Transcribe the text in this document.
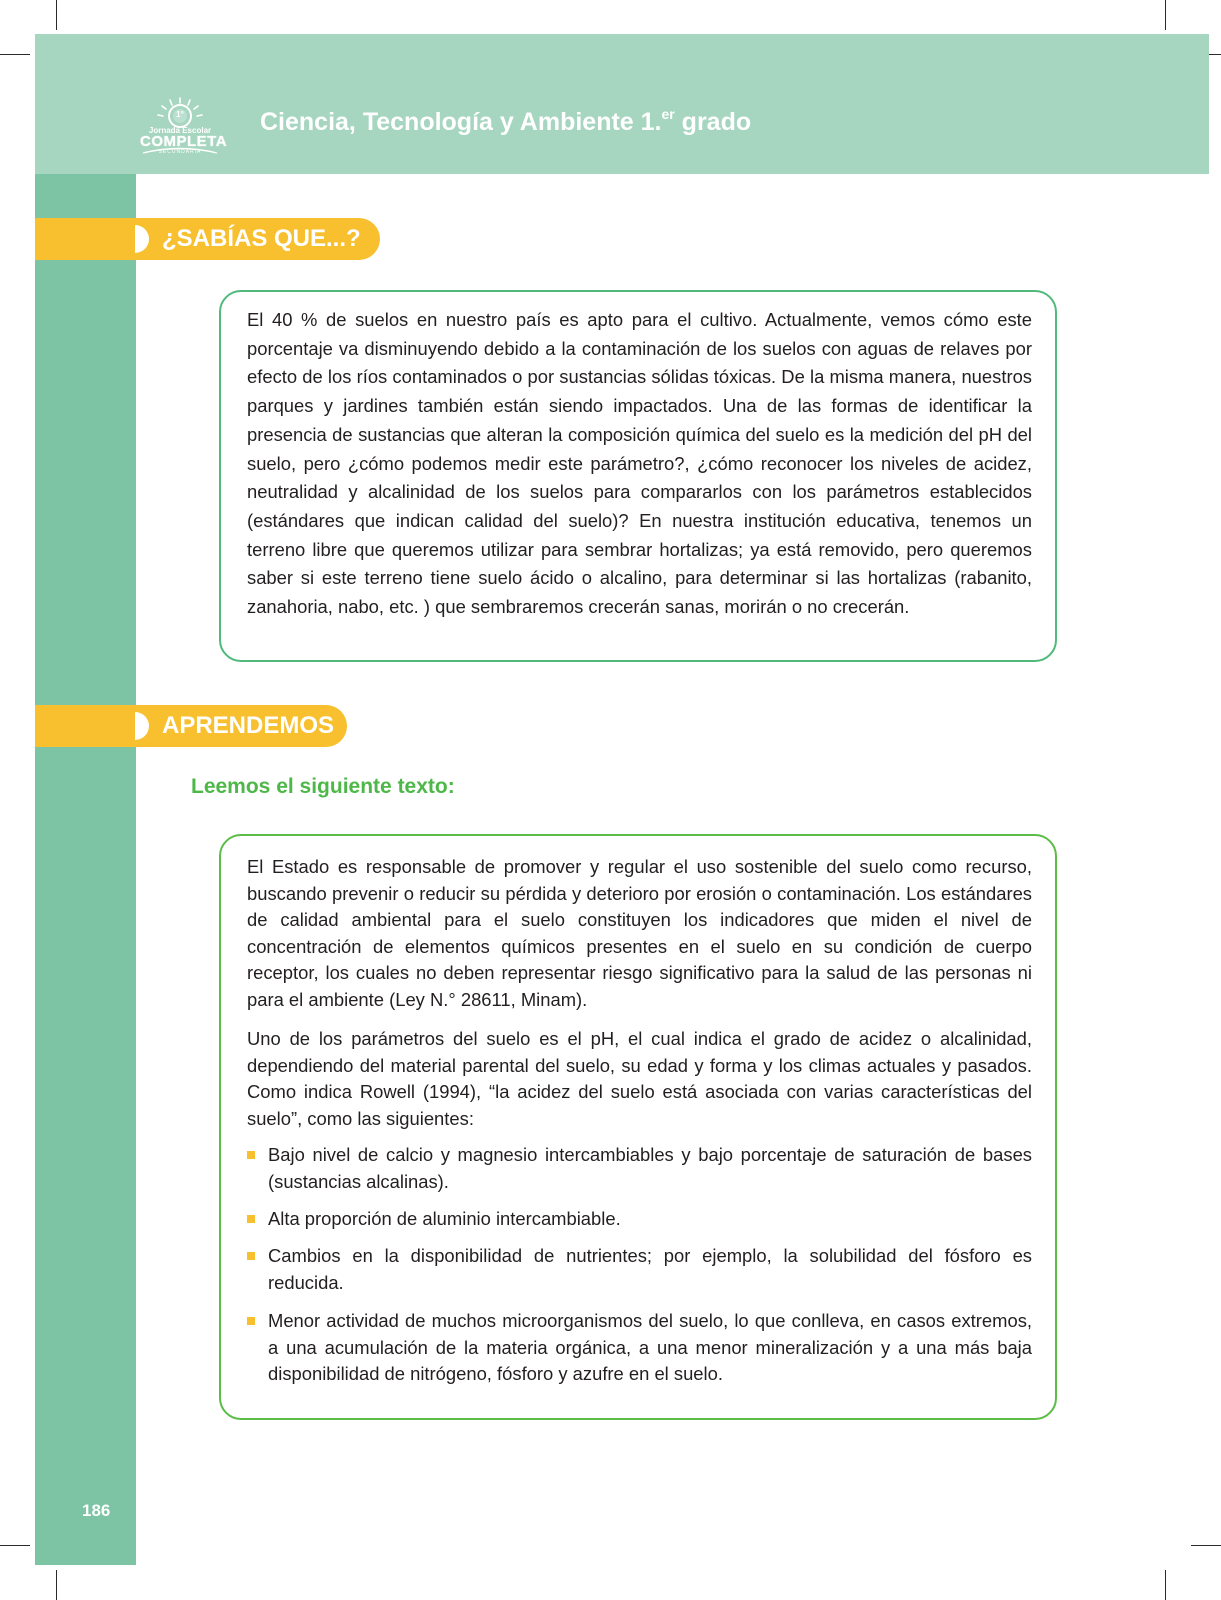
Jornada Escolar
COMPLETA
SECUNDARIA
1°	Ciencia, Tecnología y Ambiente 1.$^{er}$ grado
186
¿SABÍAS QUE...?

El 40 % de suelos en nuestro país es apto para el cultivo. Actualmente, vemos cómo este porcentaje va disminuyendo debido a la contaminación de los suelos con aguas de relaves por efecto de los ríos contaminados o por sustancias sólidas tóxicas. De la misma manera, nuestros parques y jardines también están siendo impactados. Una de las formas de identificar la presencia de sustancias que alteran la composición química del suelo es la medición del pH del suelo, pero ¿cómo podemos medir este parámetro?, ¿cómo reconocer los niveles de acidez, neutralidad y alcalinidad de los suelos para compararlos con los parámetros establecidos (estándares que indican calidad del suelo)? En nuestra institución educativa, tenemos un terreno libre que queremos utilizar para sembrar hortalizas; ya está removido, pero queremos saber si este terreno tiene suelo ácido o alcalino, para determinar si las hortalizas (rabanito, zanahoria, nabo, etc. ) que sembraremos crecerán sanas, morirán o no crecerán.

APRENDEMOS
Leemos el siguiente texto:

El Estado es responsable de promover y regular el uso sostenible del suelo como recurso, buscando prevenir o reducir su pérdida y deterioro por erosión o contaminación. Los estándares de calidad ambiental para el suelo constituyen los indicadores que miden el nivel de concentración de elementos químicos presentes en el suelo en su condición de cuerpo receptor, los cuales no deben representar riesgo significativo para la salud de las personas ni para el ambiente (Ley N.° 28611, Minam).

Uno de los parámetros del suelo es el pH, el cual indica el grado de acidez o alcalinidad, dependiendo del material parental del suelo, su edad y forma y los climas actuales y pasados. Como indica Rowell (1994), “la acidez del suelo está asociada con varias características del suelo”, como las siguientes:

Bajo nivel de calcio y magnesio intercambiables y bajo porcentaje de saturación de bases (sustancias alcalinas).

Alta proporción de aluminio intercambiable.

Cambios en la disponibilidad de nutrientes; por ejemplo, la solubilidad del fósforo es reducida.

Menor actividad de muchos microorganismos del suelo, lo que conlleva, en casos extremos, a una acumulación de la materia orgánica, a una menor mineralización y a una más baja disponibilidad de nitrógeno, fósforo y azufre en el suelo.
